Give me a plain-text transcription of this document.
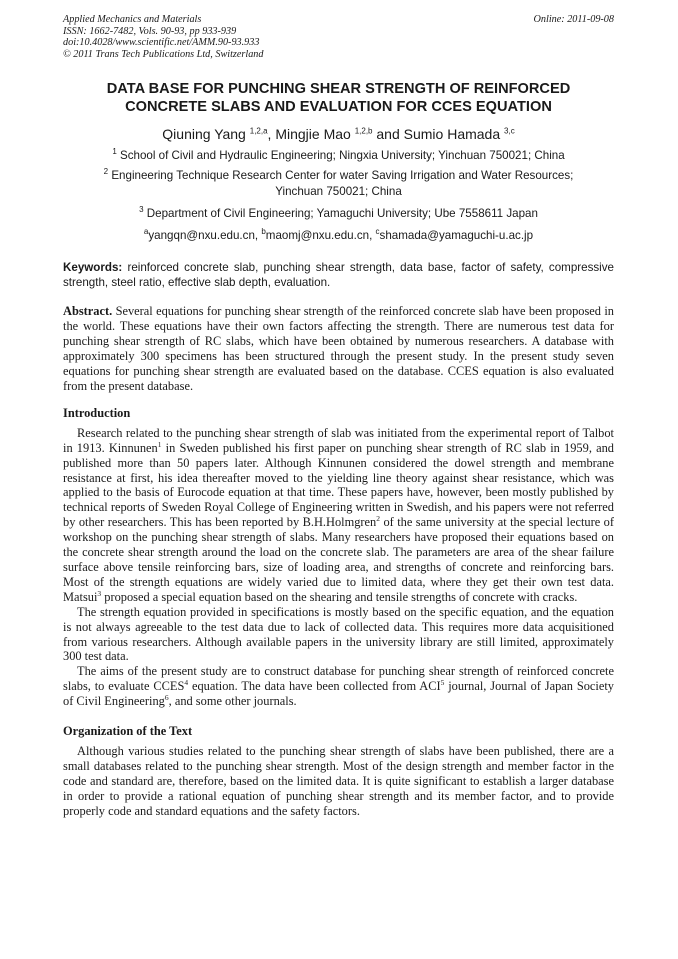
Applied Mechanics and Materials
ISSN: 1662-7482, Vols. 90-93, pp 933-939
doi:10.4028/www.scientific.net/AMM.90-93.933
© 2011 Trans Tech Publications Ltd, Switzerland
Online: 2011-09-08
DATA BASE FOR PUNCHING SHEAR STRENGTH OF REINFORCED
CONCRETE SLABS AND EVALUATION FOR CCES EQUATION
Qiuning Yang $^{1,2,a}$, Mingjie Mao $^{1,2,b}$ and Sumio Hamada $^{3,c}$
$^1$ School of Civil and Hydraulic Engineering; Ningxia University; Yinchuan 750021; China
$^2$ Engineering Technique Research Center for water Saving Irrigation and Water Resources;
Yinchuan 750021; China
$^3$ Department of Civil Engineering; Yamaguchi University; Ube 7558611 Japan
$^a$yangqn@nxu.edu.cn, $^b$maomj@nxu.edu.cn, $^c$shamada@yamaguchi-u.ac.jp
Keywords: reinforced concrete slab, punching shear strength, data base, factor of safety, compressive strength, steel ratio, effective slab depth, evaluation.
Abstract. Several equations for punching shear strength of the reinforced concrete slab have been proposed in the world. These equations have their own factors affecting the strength. There are numerous test data for punching shear strength of RC slabs, which have been obtained by numerous researchers. A database with approximately 300 specimens has been structured through the present study. In the present study seven equations for punching shear strength are evaluated based on the database. CCES equation is also evaluated from the present database.
Introduction

Research related to the punching shear strength of slab was initiated from the experimental report of Talbot in 1913. Kinnunen$^1$ in Sweden published his first paper on punching shear strength of RC slab in 1959, and published more than 50 papers later. Although Kinnunen considered the dowel strength and membrane resistance at first, his idea thereafter moved to the yielding line theory against shear resistance, which was applied to the basis of Eurocode equation at that time. These papers have, however, been mostly published by technical reports of Sweden Royal College of Engineering written in Swedish, and his papers were not referred by other researchers. This has been reported by B.H.Holmgren$^2$ of the same university at the special lecture of workshop on the punching shear strength of slabs. Many researchers have proposed their equations based on the concrete shear strength around the load on the concrete slab. The parameters are area of the shear failure surface above tensile reinforcing bars, size of loading area, and strengths of concrete and reinforcing bars. Most of the strength equations are widely varied due to limited data, where they get their own test data. Matsui$^3$ proposed a special equation based on the shearing and tensile strengths of concrete with cracks.

The strength equation provided in specifications is mostly based on the specific equation, and the equation is not always agreeable to the test data due to lack of collected data. This requires more data acquisitioned from various researchers. Although available papers in the university library are still limited, approximately 300 test data.

The aims of the present study are to construct database for punching shear strength of reinforced concrete slabs, to evaluate CCES$^4$ equation. The data have been collected from ACI$^5$ journal, Journal of Japan Society of Civil Engineering$^6$, and some other journals.

Organization of the Text

Although various studies related to the punching shear strength of slabs have been published, there are a small databases related to the punching shear strength. Most of the design strength and member factor in the code and standard are, therefore, based on the limited data. It is quite significant to establish a larger database in order to provide a rational equation of punching shear strength and its member factor, and to provide properly code and standard equations and the safety factors.
